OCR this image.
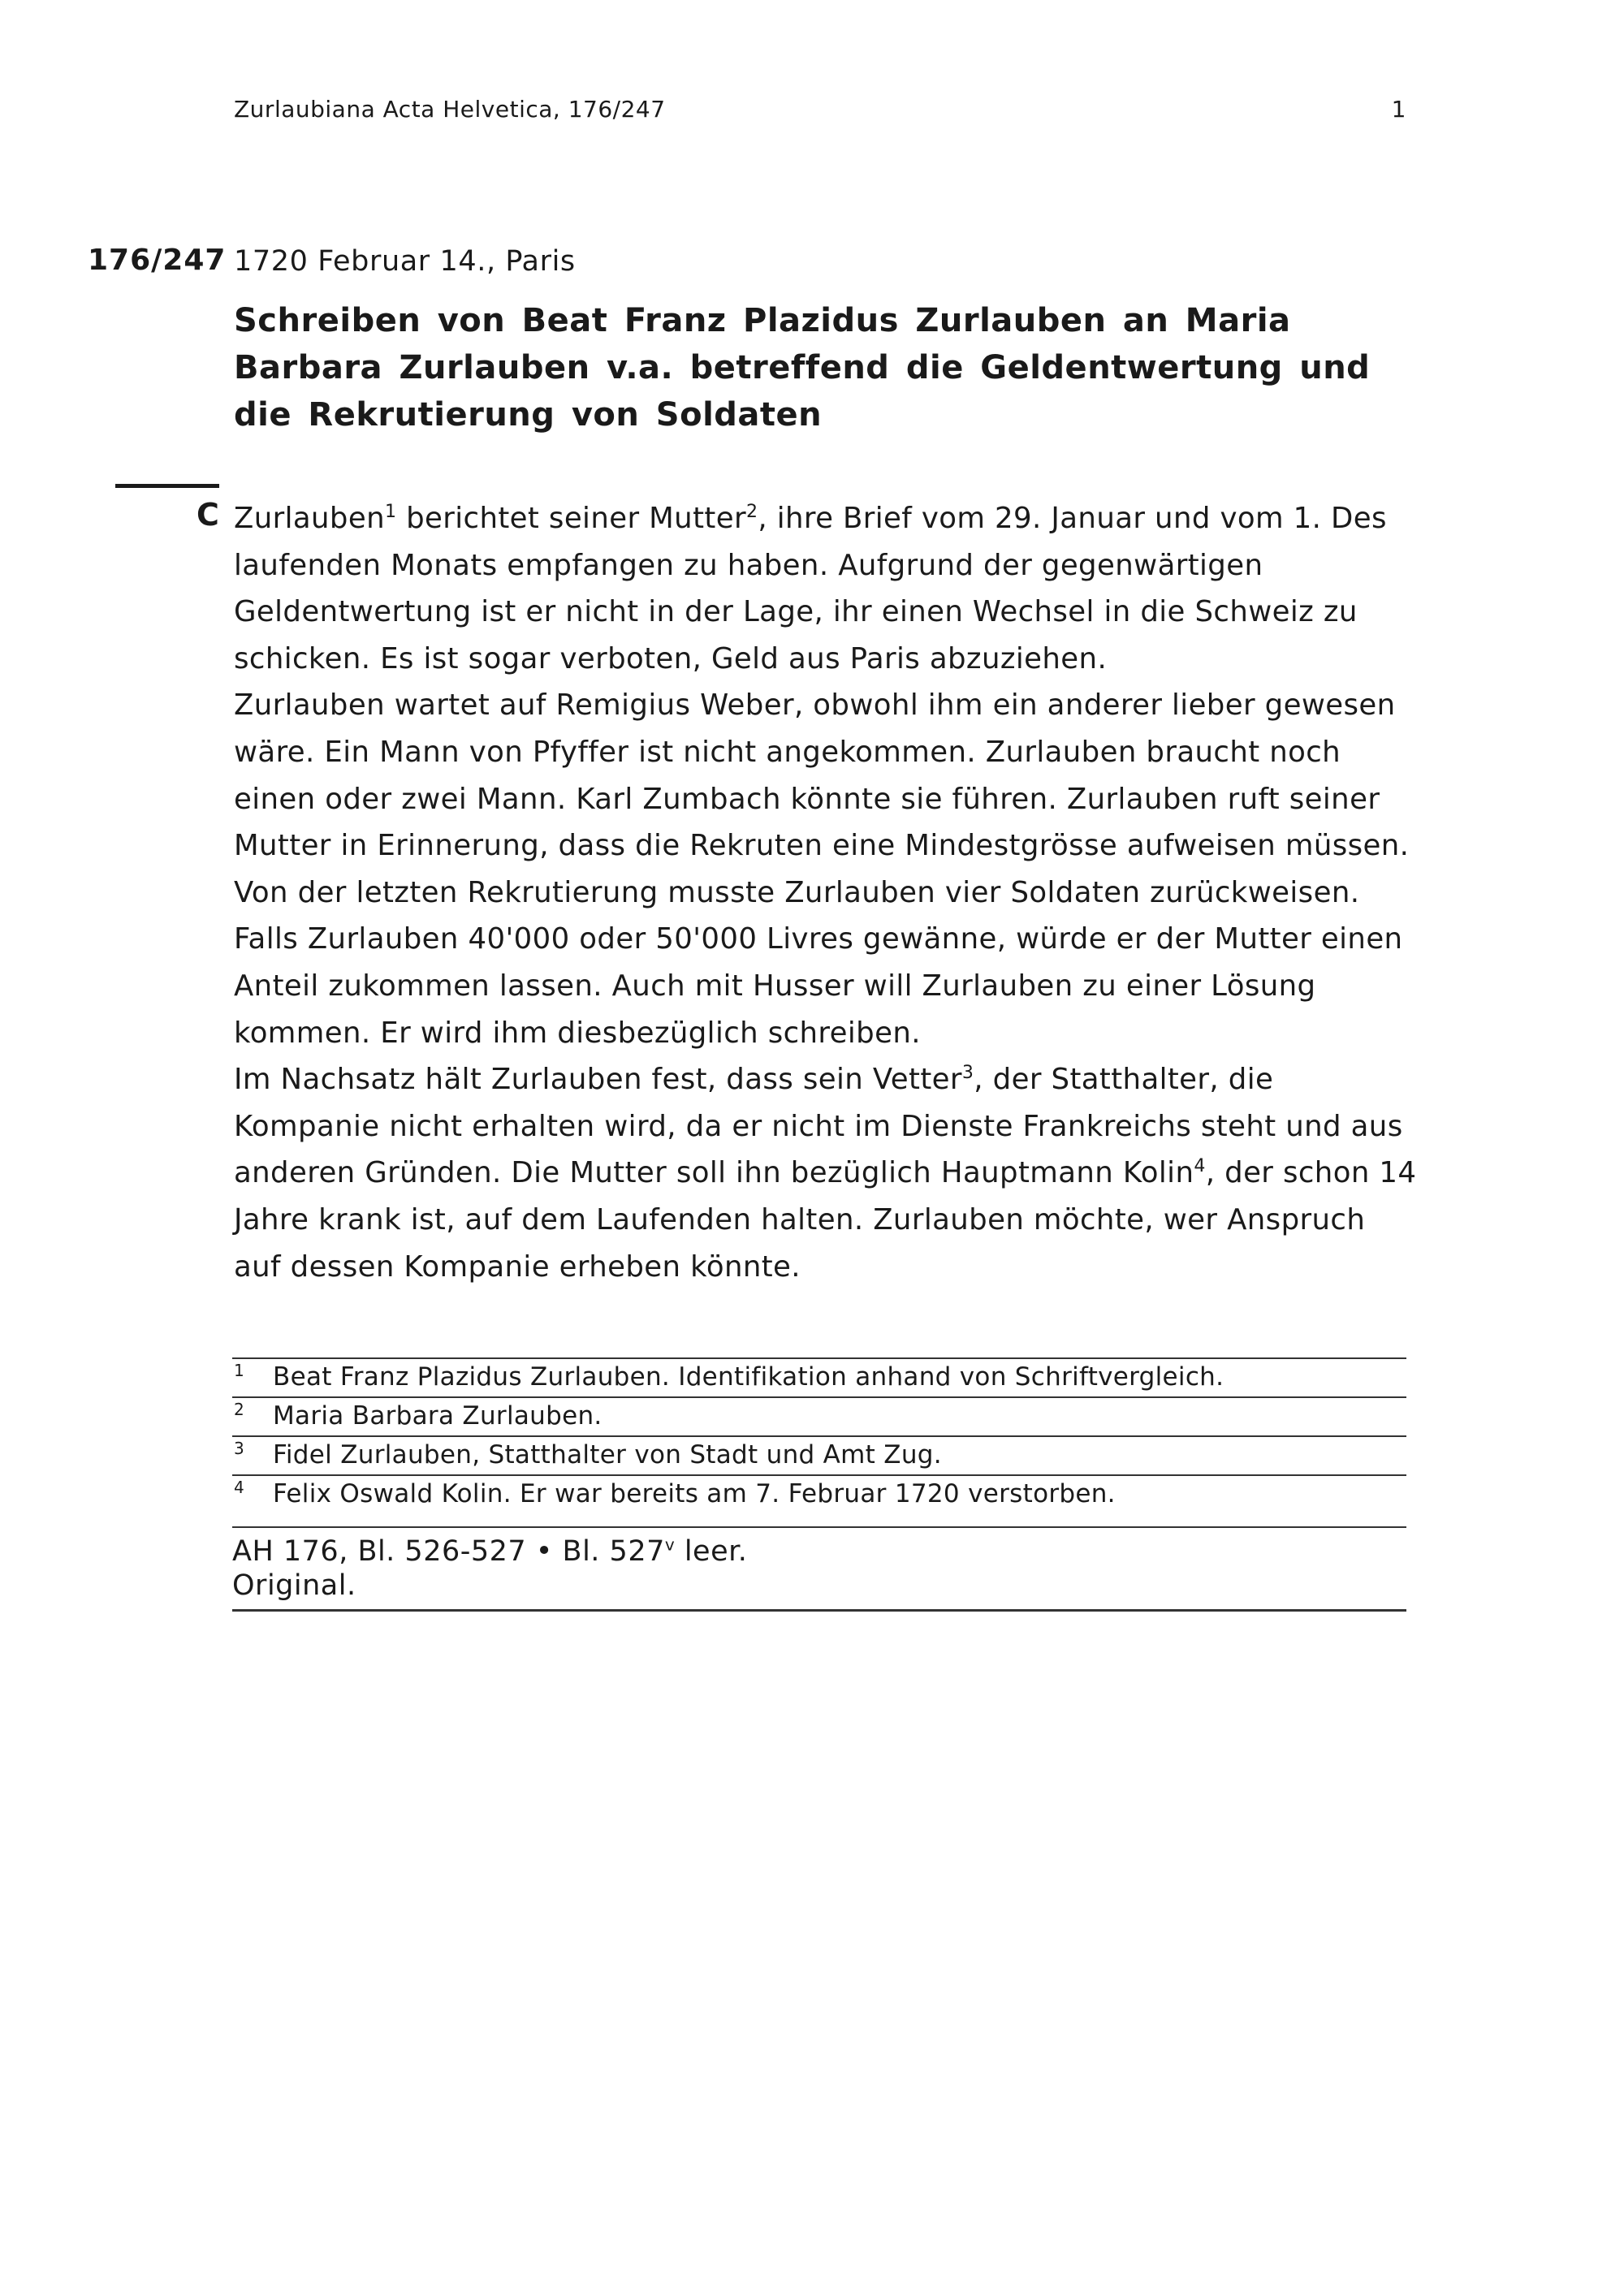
Zurlaubiana Acta Helvetica, 176/247	1
176/247 1720 Februar 14., Paris
Schreiben von Beat Franz Plazidus Zurlauben an Maria Barbara Zurlauben v.a. betreffend die Geldentwertung und die Rekrutierung von Soldaten
C Zurlauben$^1$ berichtet seiner Mutter$^2$, ihre Brief vom 29. Januar und vom 1. Des laufenden Monats empfangen zu haben. Aufgrund der gegenwärtigen Geldentwertung ist er nicht in der Lage, ihr einen Wechsel in die Schweiz zu schicken. Es ist sogar verboten, Geld aus Paris abzuziehen.

Zurlauben wartet auf Remigius Weber, obwohl ihm ein anderer lieber gewesen wäre. Ein Mann von Pfyffer ist nicht angekommen. Zurlauben braucht noch einen oder zwei Mann. Karl Zumbach könnte sie führen. Zurlauben ruft seiner Mutter in Erinnerung, dass die Rekruten eine Mindestgrösse aufweisen müssen. Von der letzten Rekrutierung musste Zurlauben vier Soldaten zurückweisen. Falls Zurlauben 40'000 oder 50'000 Livres gewänne, würde er der Mutter einen Anteil zukommen lassen. Auch mit Husser will Zurlauben zu einer Lösung kommen. Er wird ihm diesbezüglich schreiben.

Im Nachsatz hält Zurlauben fest, dass sein Vetter$^3$, der Statthalter, die Kompanie nicht erhalten wird, da er nicht im Dienste Frankreichs steht und aus anderen Gründen. Die Mutter soll ihn bezüglich Hauptmann Kolin$^4$, der schon 14 Jahre krank ist, auf dem Laufenden halten. Zurlauben möchte, wer Anspruch auf dessen Kompanie erheben könnte.

1 Beat Franz Plazidus Zurlauben. Identifikation anhand von Schriftvergleich.
2 Maria Barbara Zurlauben.
3 Fidel Zurlauben, Statthalter von Stadt und Amt Zug.
4 Felix Oswald Kolin. Er war bereits am 7. Februar 1720 verstorben.
AH 176, Bl. 526-527 • Bl. 527$^v$ leer.
Original.
